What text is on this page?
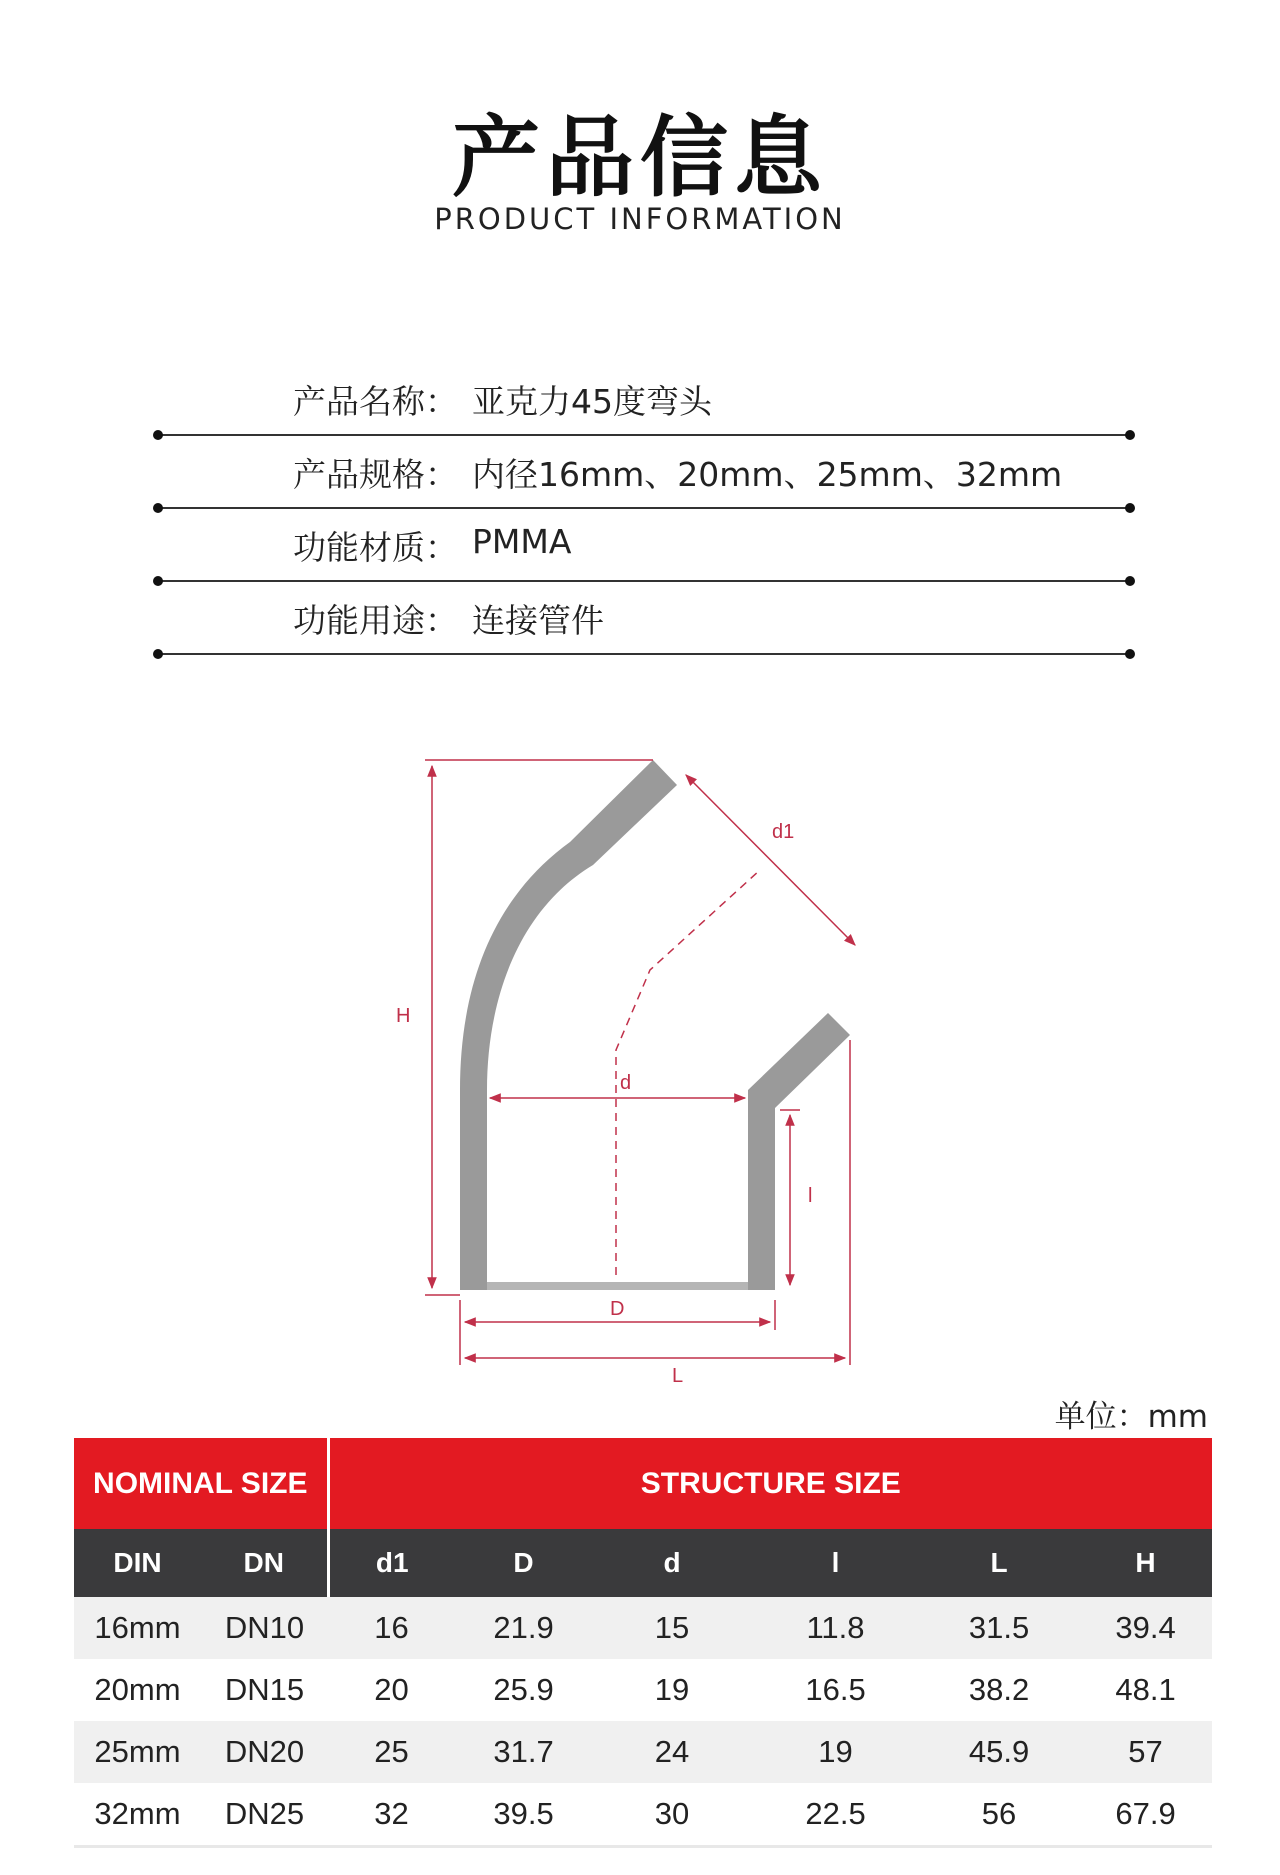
产品信息
PRODUCT INFORMATION
产品名称： 亚克力45度弯头
产品规格： 内径16mm、20mm、25mm、32mm
功能材质： PMMA
功能用途： 连接管件
H
d1
d
l
D
L
单位：mm
NOMINAL SIZE		STRUCTURE SIZE					
DIN	DN	d1	D	d	l	L	H
16mm	DN10	16	21.9	15	11.8	31.5	39.4
20mm	DN15	20	25.9	19	16.5	38.2	48.1
25mm	DN20	25	31.7	24	19	45.9	57
32mm	DN25	32	39.5	30	22.5	56	67.9
